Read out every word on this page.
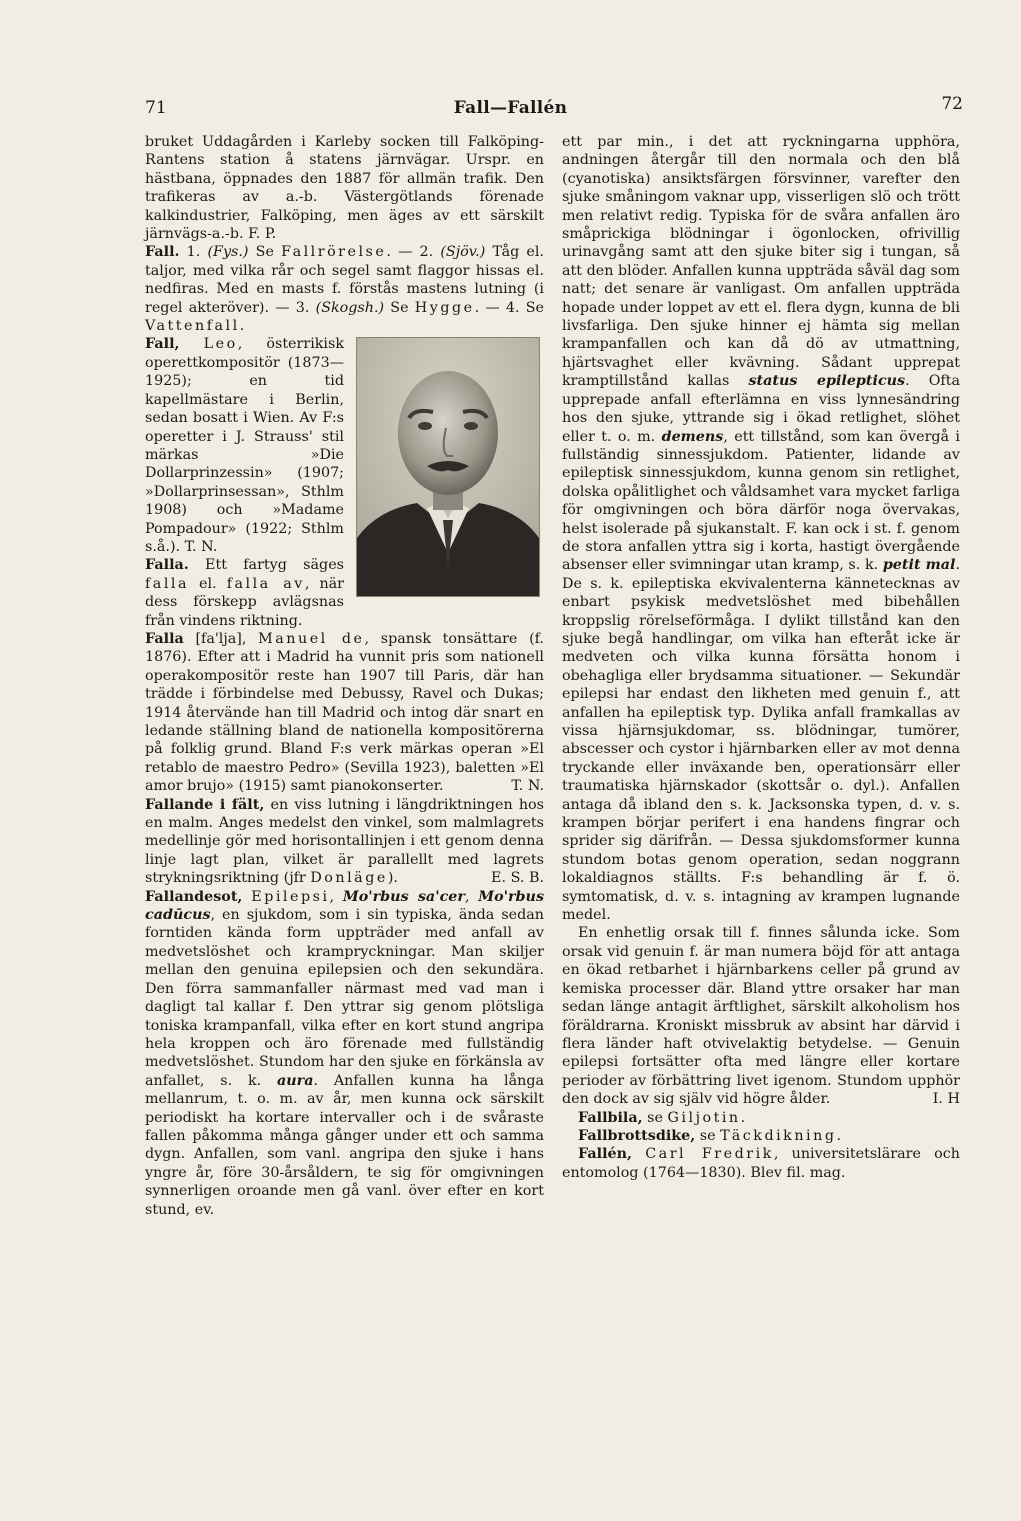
71	Fall—Fallén	72

bruket Uddagården i Karleby socken till Falköping-Rantens station å statens järnvägar. Urspr. en hästbana, öppnades den 1887 för allmän trafik. Den trafikeras av a.-b. Västergötlands förenade kalkindustrier, Falköping, men äges av ett särskilt järnvägs-a.-b. F. P.

Fall. 1. (Fys.) Se Fallrörelse. — 2. (Sjöv.) Tåg el. taljor, med vilka rår och segel samt flaggor hissas el. nedfiras. Med en masts f. förstås mastens lutning (i regel akteröver). — 3. (Skogsh.) Se Hygge. — 4. Se Vattenfall.

Fall, Leo, österrikisk operettkompositör (1873—1925); en tid kapellmästare i Berlin, sedan bosatt i Wien. Av F:s operetter i J. Strauss' stil märkas »Die Dollarprinzessin» (1907; »Dollarprinsessan», Sthlm 1908) och »Madame Pompadour» (1922; Sthlm s.å.). T. N.

Falla. Ett fartyg säges falla el. falla av, när dess förskepp avlägsnas från vindens riktning.

Falla [fa'lja], Manuel de, spansk tonsättare (f. 1876). Efter att i Madrid ha vunnit pris som nationell operakompositör reste han 1907 till Paris, där han trädde i förbindelse med Debussy, Ravel och Dukas; 1914 återvände han till Madrid och intog där snart en ledande ställning bland de nationella kompositörerna på folklig grund. Bland F:s verk märkas operan »El retablo de maestro Pedro» (Sevilla 1923), baletten »El amor brujo» (1915) samt pianokonserter.	T. N.

Fallande i fält, en viss lutning i längdriktningen hos en malm. Anges medelst den vinkel, som malmlagrets medellinje gör med horisontallinjen i ett genom denna linje lagt plan, vilket är parallellt med lagrets strykningsriktning (jfr Donläge).	E. S. B.

Fallandesot, Epilepsi, Mo'rbus sa'cer, Mo'rbus cadūcus, en sjukdom, som i sin typiska, ända sedan forntiden kända form uppträder med anfall av medvetslöshet och krampryckningar. Man skiljer mellan den genuina epilepsien och den sekundära. Den förra sammanfaller närmast med vad man i dagligt tal kallar f. Den yttrar sig genom plötsliga toniska krampanfall, vilka efter en kort stund angripa hela kroppen och äro förenade med fullständig medvetslöshet. Stundom har den sjuke en förkänsla av anfallet, s. k. aura. Anfallen kunna ha långa mellanrum, t. o. m. av år, men kunna ock särskilt periodiskt ha kortare intervaller och i de svåraste fallen påkomma många gånger under ett och samma dygn. Anfallen, som vanl. angripa den sjuke i hans yngre år, före 30-årsåldern, te sig för omgivningen synnerligen oroande men gå vanl. över efter en kort stund, ev.

ett par min., i det att ryckningarna upphöra, andningen återgår till den normala och den blå (cyanotiska) ansiktsfärgen försvinner, varefter den sjuke småningom vaknar upp, visserligen slö och trött men relativt redig. Typiska för de svåra anfallen äro småprickiga blödningar i ögonlocken, ofrivillig urinavgång samt att den sjuke biter sig i tungan, så att den blöder. Anfallen kunna uppträda såväl dag som natt; det senare är vanligast. Om anfallen uppträda hopade under loppet av ett el. flera dygn, kunna de bli livsfarliga. Den sjuke hinner ej hämta sig mellan krampanfallen och kan då dö av utmattning, hjärtsvaghet eller kvävning. Sådant upprepat kramptillstånd kallas status epilepticus. Ofta upprepade anfall efterlämna en viss lynnesändring hos den sjuke, yttrande sig i ökad retlighet, slöhet eller t. o. m. demens, ett tillstånd, som kan övergå i fullständig sinnessjukdom. Patienter, lidande av epileptisk sinnessjukdom, kunna genom sin retlighet, dolska opålitlighet och våldsamhet vara mycket farliga för omgivningen och böra därför noga övervakas, helst isolerade på sjukanstalt. F. kan ock i st. f. genom de stora anfallen yttra sig i korta, hastigt övergående absenser eller svimningar utan kramp, s. k. petit mal. De s. k. epileptiska ekvivalenterna kännetecknas av enbart psykisk medvetslöshet med bibehållen kroppslig rörelseförmåga. I dylikt tillstånd kan den sjuke begå handlingar, om vilka han efteråt icke är medveten och vilka kunna försätta honom i obehagliga eller brydsamma situationer. — Sekundär epilepsi har endast den likheten med genuin f., att anfallen ha epileptisk typ. Dylika anfall framkallas av vissa hjärnsjukdomar, ss. blödningar, tumörer, abscesser och cystor i hjärnbarken eller av mot denna tryckande eller inväxande ben, operationsärr eller traumatiska hjärnskador (skottsår o. dyl.). Anfallen antaga då ibland den s. k. Jacksonska typen, d. v. s. krampen börjar perifert i ena handens fingrar och sprider sig därifrån. — Dessa sjukdomsformer kunna stundom botas genom operation, sedan noggrann lokaldiagnos ställts. F:s behandling är f. ö. symtomatisk, d. v. s. intagning av krampen lugnande medel.

En enhetlig orsak till f. finnes sålunda icke. Som orsak vid genuin f. är man numera böjd för att antaga en ökad retbarhet i hjärnbarkens celler på grund av kemiska processer där. Bland yttre orsaker har man sedan länge antagit ärftlighet, särskilt alkoholism hos föräldrarna. Kroniskt missbruk av absint har därvid i flera länder haft otvivelaktig betydelse. — Genuin epilepsi fortsätter ofta med längre eller kortare perioder av förbättring livet igenom. Stundom upphör den dock av sig själv vid högre ålder.	I. H

Fallbila, se Giljotin.

Fallbrottsdike, se Täckdikning.

Fallén, Carl Fredrik, universitetslärare och entomolog (1764—1830). Blev fil. mag.
